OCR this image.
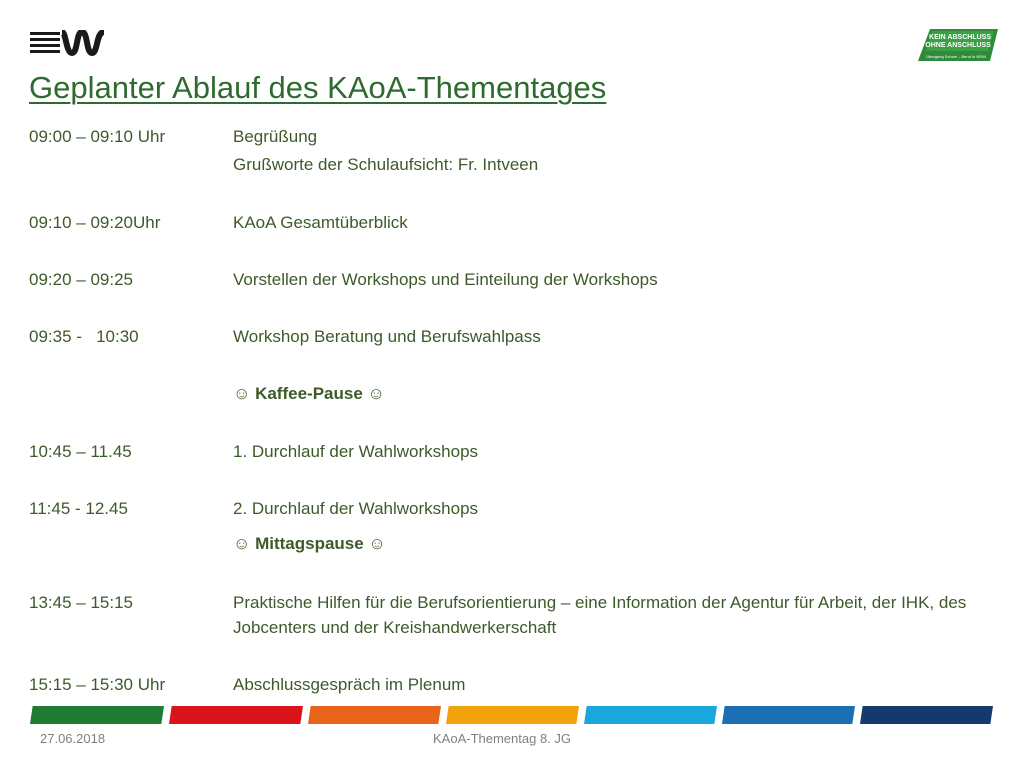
KEIN ABSCHLUSS
OHNE ANSCHLUSS
Übergang Schule – Beruf in NRW
Geplanter Ablauf des KAoA-Thementages
09:00 – 09:10 Uhr	Begrüßung
Grußworte der Schulaufsicht: Fr. Intveen
09:10 – 09:20Uhr	KAoA Gesamtüberblick
09:20 – 09:25	Vorstellen der Workshops und Einteilung der Workshops
09:35 -   10:30	Workshop Beratung und Berufswahlpass
☺ Kaffee-Pause ☺
10:45 – 11.45	1. Durchlauf der Wahlworkshops
11:45 - 12.45	2. Durchlauf der Wahlworkshops
☺ Mittagspause ☺
13:45 – 15:15	Praktische Hilfen für die Berufsorientierung – eine Information der Agentur für Arbeit, der IHK, des Jobcenters und der Kreishandwerkerschaft
15:15 – 15:30 Uhr	Abschlussgespräch im Plenum
27.06.2018	KAoA-Thementag 8. JG
